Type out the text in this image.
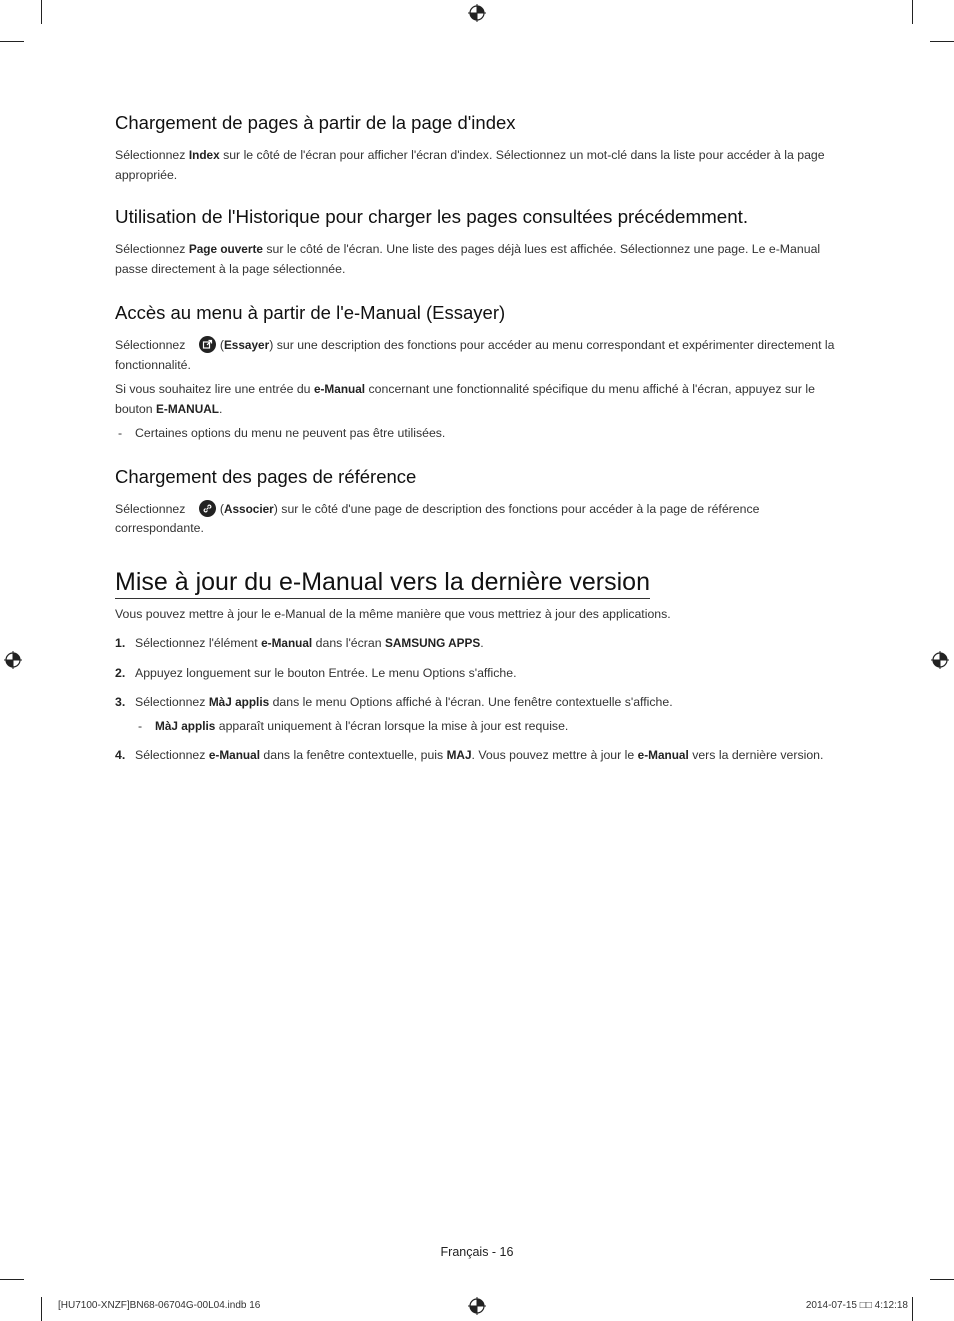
Chargement de pages à partir de la page d'index

Sélectionnez Index sur le côté de l'écran pour afficher l'écran d'index. Sélectionnez un mot-clé dans la liste pour accéder à la page appropriée.

Utilisation de l'Historique pour charger les pages consultées précédemment.

Sélectionnez Page ouverte sur le côté de l'écran. Une liste des pages déjà lues est affichée. Sélectionnez une page. Le e-Manual passe directement à la page sélectionnée.

Accès au menu à partir de l'e-Manual (Essayer)

Sélectionnez	(Essayer) sur une description des fonctions pour accéder au menu correspondant et expérimenter directement la fonctionnalité.

Si vous souhaitez lire une entrée du e-Manual concernant une fonctionnalité spécifique du menu affiché à l'écran, appuyez sur le bouton E-MANUAL.

- Certaines options du menu ne peuvent pas être utilisées.
Chargement des pages de référence

Sélectionnez	(Associer) sur le côté d'une page de description des fonctions pour accéder à la page de référence correspondante.

Mise à jour du e-Manual vers la dernière version

Vous pouvez mettre à jour le e-Manual de la même manière que vous mettriez à jour des applications.

1. Sélectionnez l'élément e-Manual dans l'écran SAMSUNG APPS.
2. Appuyez longuement sur le bouton Entrée. Le menu Options s'affiche.
3. Sélectionnez MàJ applis dans le menu Options affiché à l'écran. Une fenêtre contextuelle s'affiche.
- MàJ applis apparaît uniquement à l'écran lorsque la mise à jour est requise.
4. Sélectionnez e-Manual dans la fenêtre contextuelle, puis MAJ. Vous pouvez mettre à jour le e-Manual vers la dernière version.
Français - 16
[HU7100-XNZF]BN68-06704G-00L04.indb 16	2014-07-15 □□ 4:12:18
